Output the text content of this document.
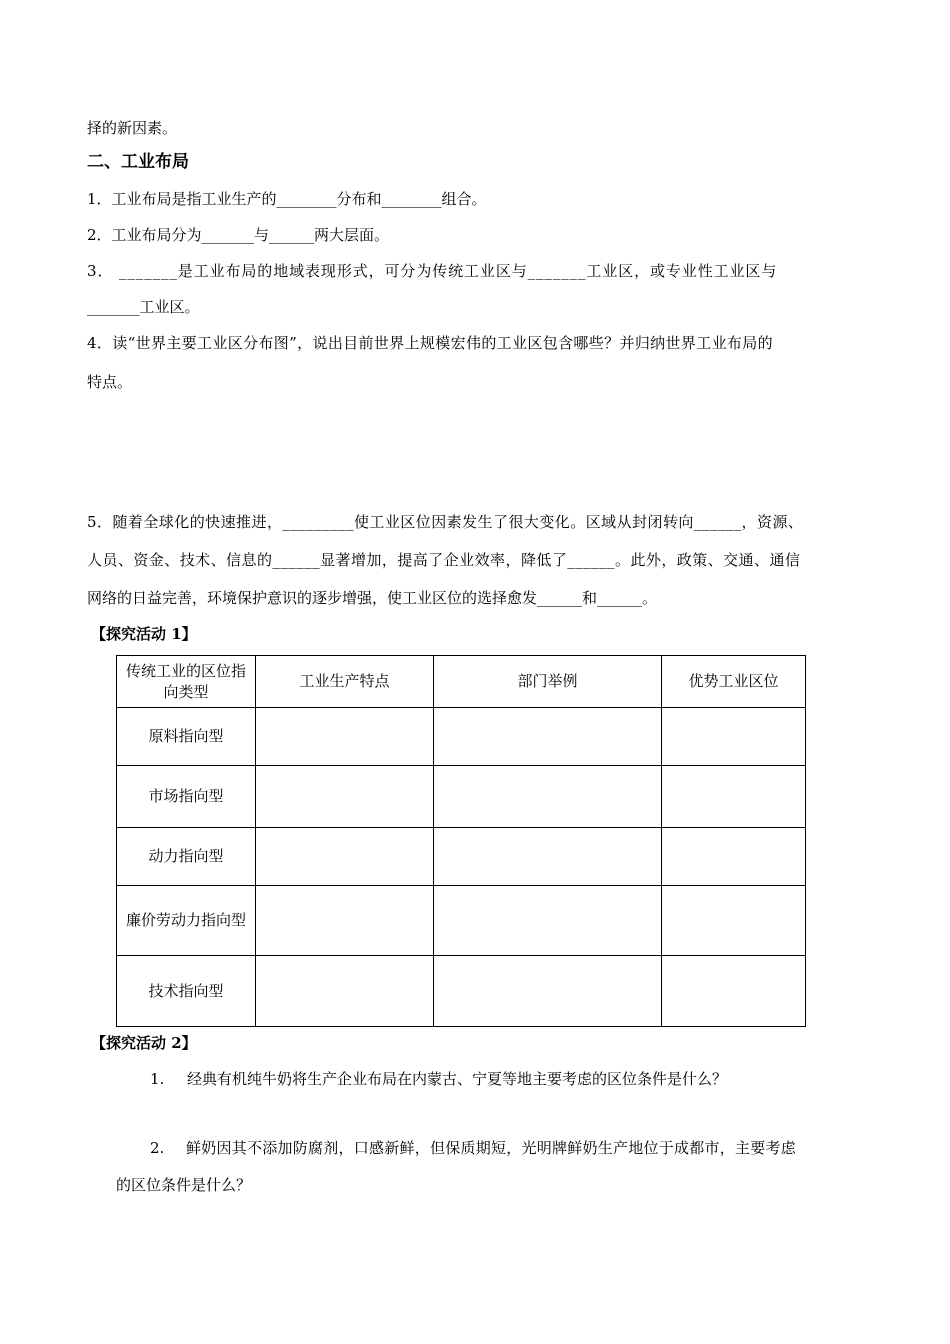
择的新因素。
二、工业布局
1．工业布局是指工业生产的________分布和________组合。
2．工业布局分为_______与______两大层面。
3． _______是工业布局的地域表现形式，可分为传统工业区与_______工业区，或专业性工业区与
_______工业区。
4．读“世界主要工业区分布图”，说出目前世界上规模宏伟的工业区包含哪些？并归纳世界工业布局的
特点。
5．随着全球化的快速推进，_________使工业区位因素发生了很大变化。区域从封闭转向______，资源、
人员、资金、技术、信息的______显著增加，提高了企业效率，降低了______。此外，政策、交通、通信
网络的日益完善，环境保护意识的逐步增强，使工业区位的选择愈发______和______。
【探究活动 1】
传统工业的区位指向类型	工业生产特点	部门举例	优势工业区位
原料指向型			
市场指向型			
动力指向型			
廉价劳动力指向型			
技术指向型			
【探究活动 2】
1. 经典有机纯牛奶将生产企业布局在内蒙古、宁夏等地主要考虑的区位条件是什么？
2. 鲜奶因其不添加防腐剂，口感新鲜，但保质期短，光明牌鲜奶生产地位于成都市，主要考虑
的区位条件是什么？
